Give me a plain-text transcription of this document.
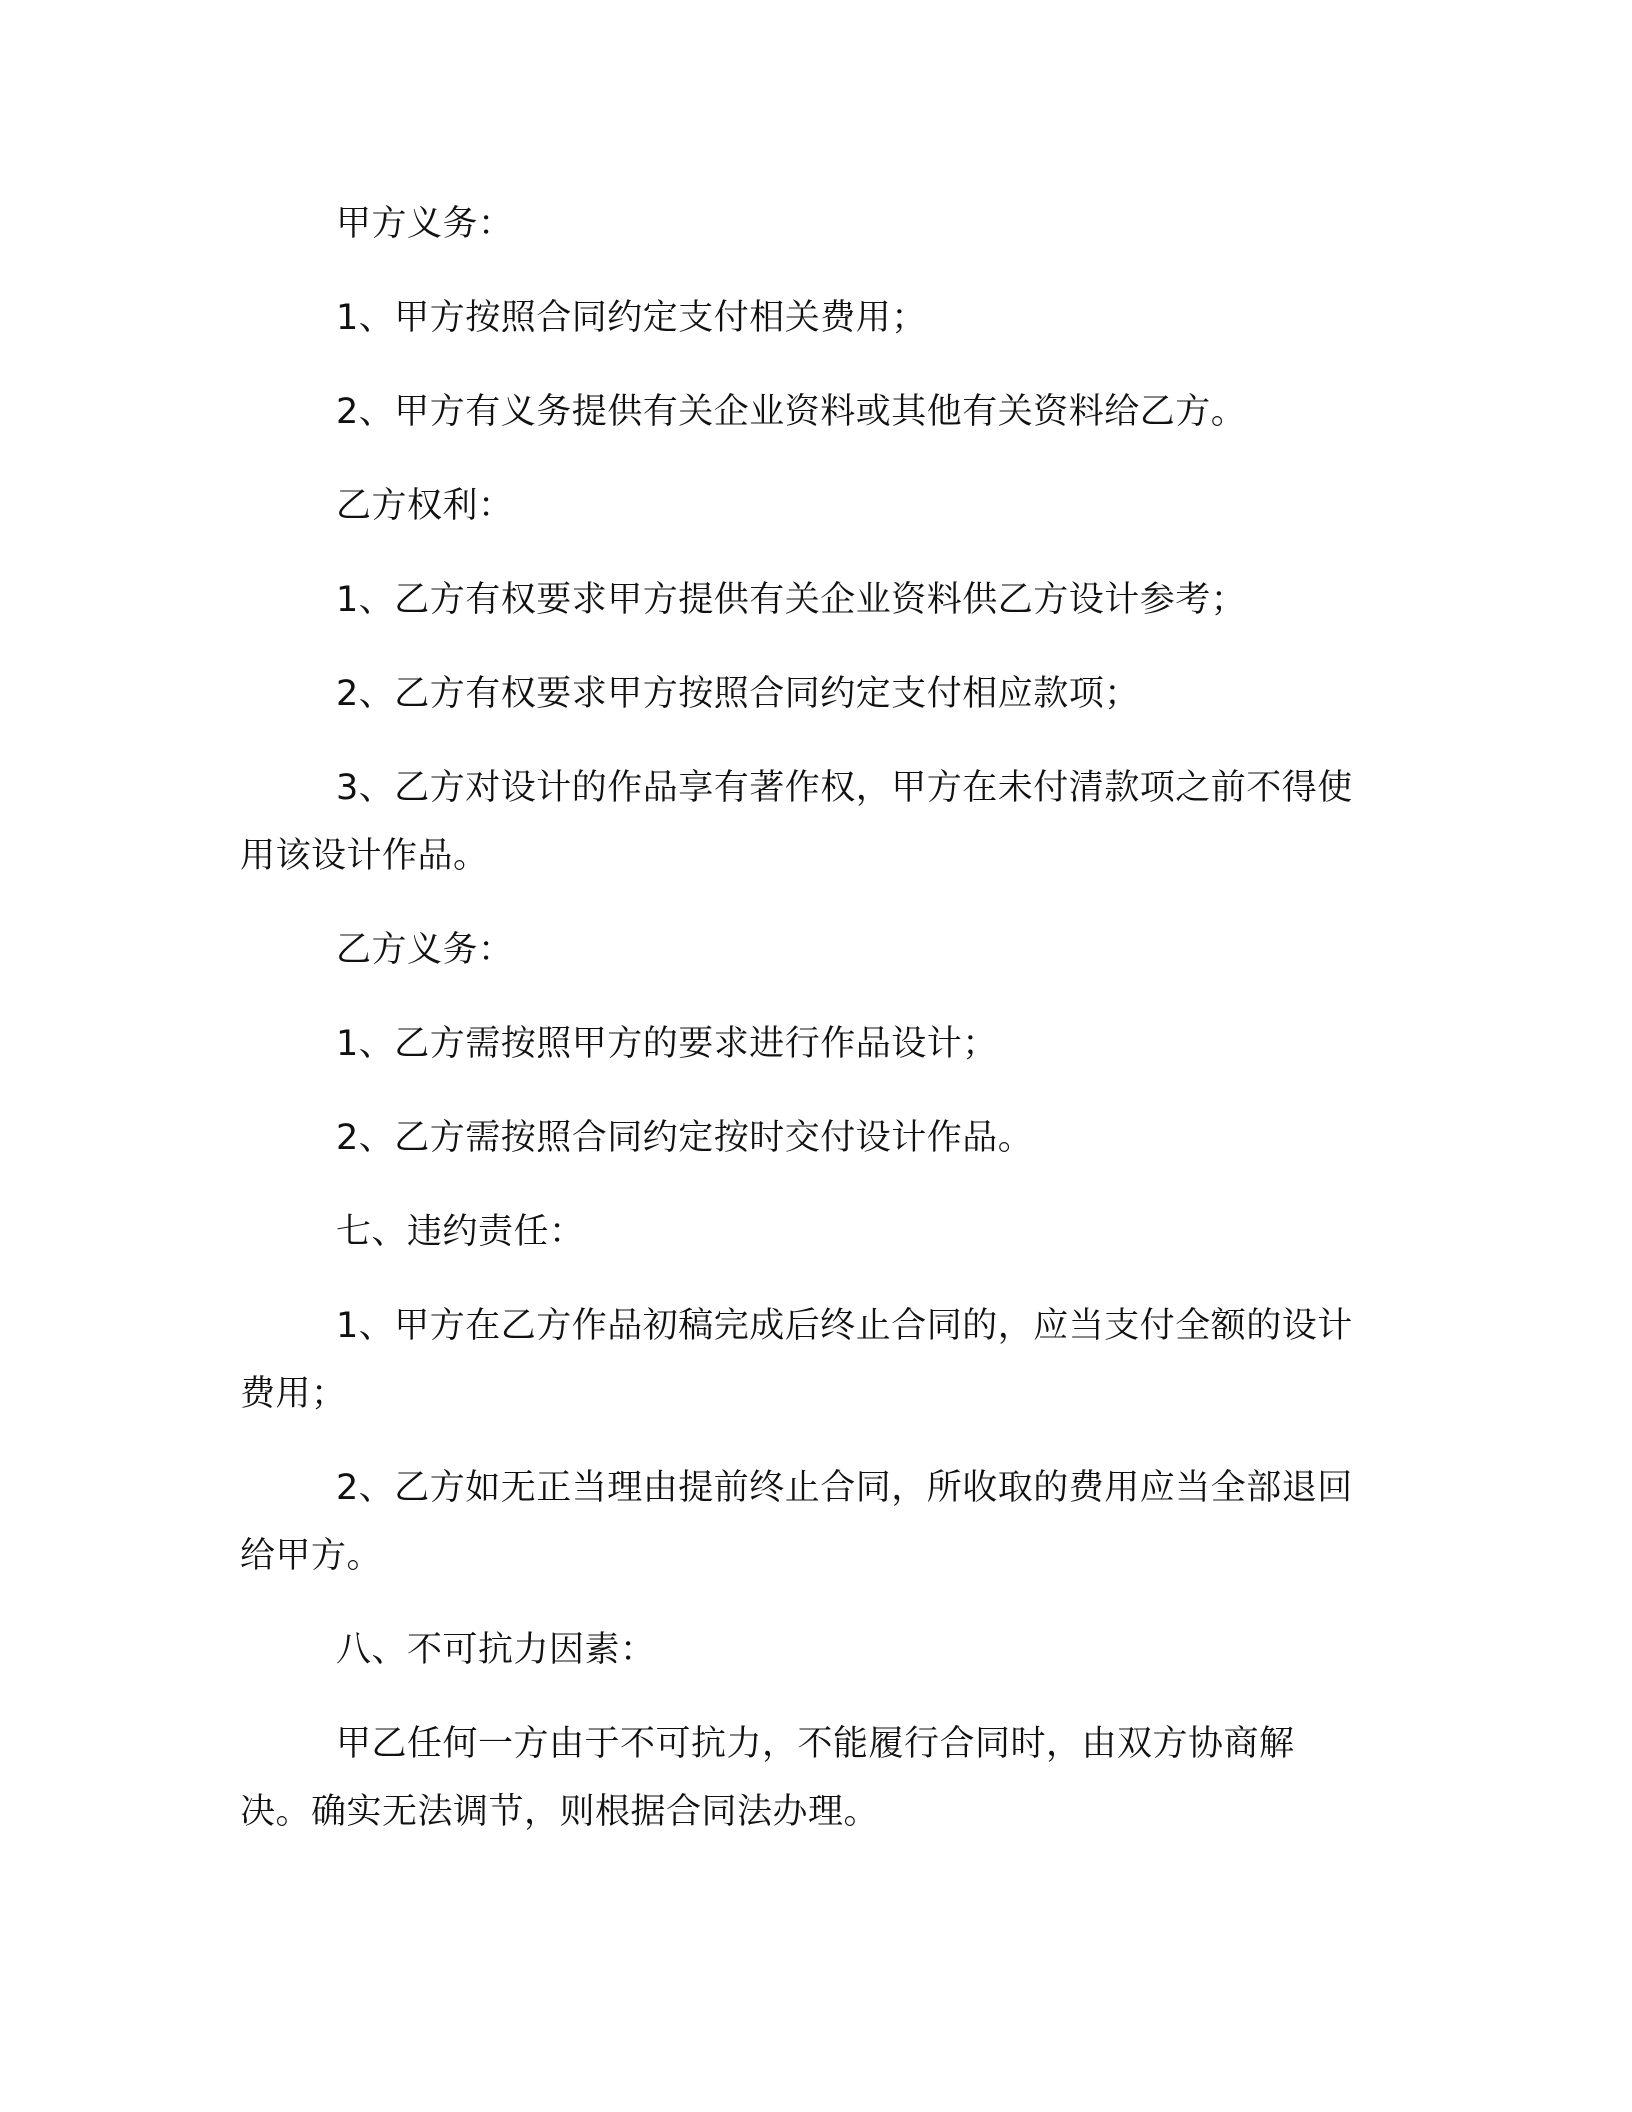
甲方义务：

1、甲方按照合同约定支付相关费用；

2、甲方有义务提供有关企业资料或其他有关资料给乙方。

乙方权利：

1、乙方有权要求甲方提供有关企业资料供乙方设计参考；

2、乙方有权要求甲方按照合同约定支付相应款项；

3、乙方对设计的作品享有著作权，甲方在未付清款项之前不得使用该设计作品。

乙方义务：

1、乙方需按照甲方的要求进行作品设计；

2、乙方需按照合同约定按时交付设计作品。

七、违约责任：

1、甲方在乙方作品初稿完成后终止合同的，应当支付全额的设计费用；

2、乙方如无正当理由提前终止合同，所收取的费用应当全部退回给甲方。

八、不可抗力因素：

甲乙任何一方由于不可抗力，不能履行合同时，由双方协商解决。确实无法调节，则根据合同法办理。
